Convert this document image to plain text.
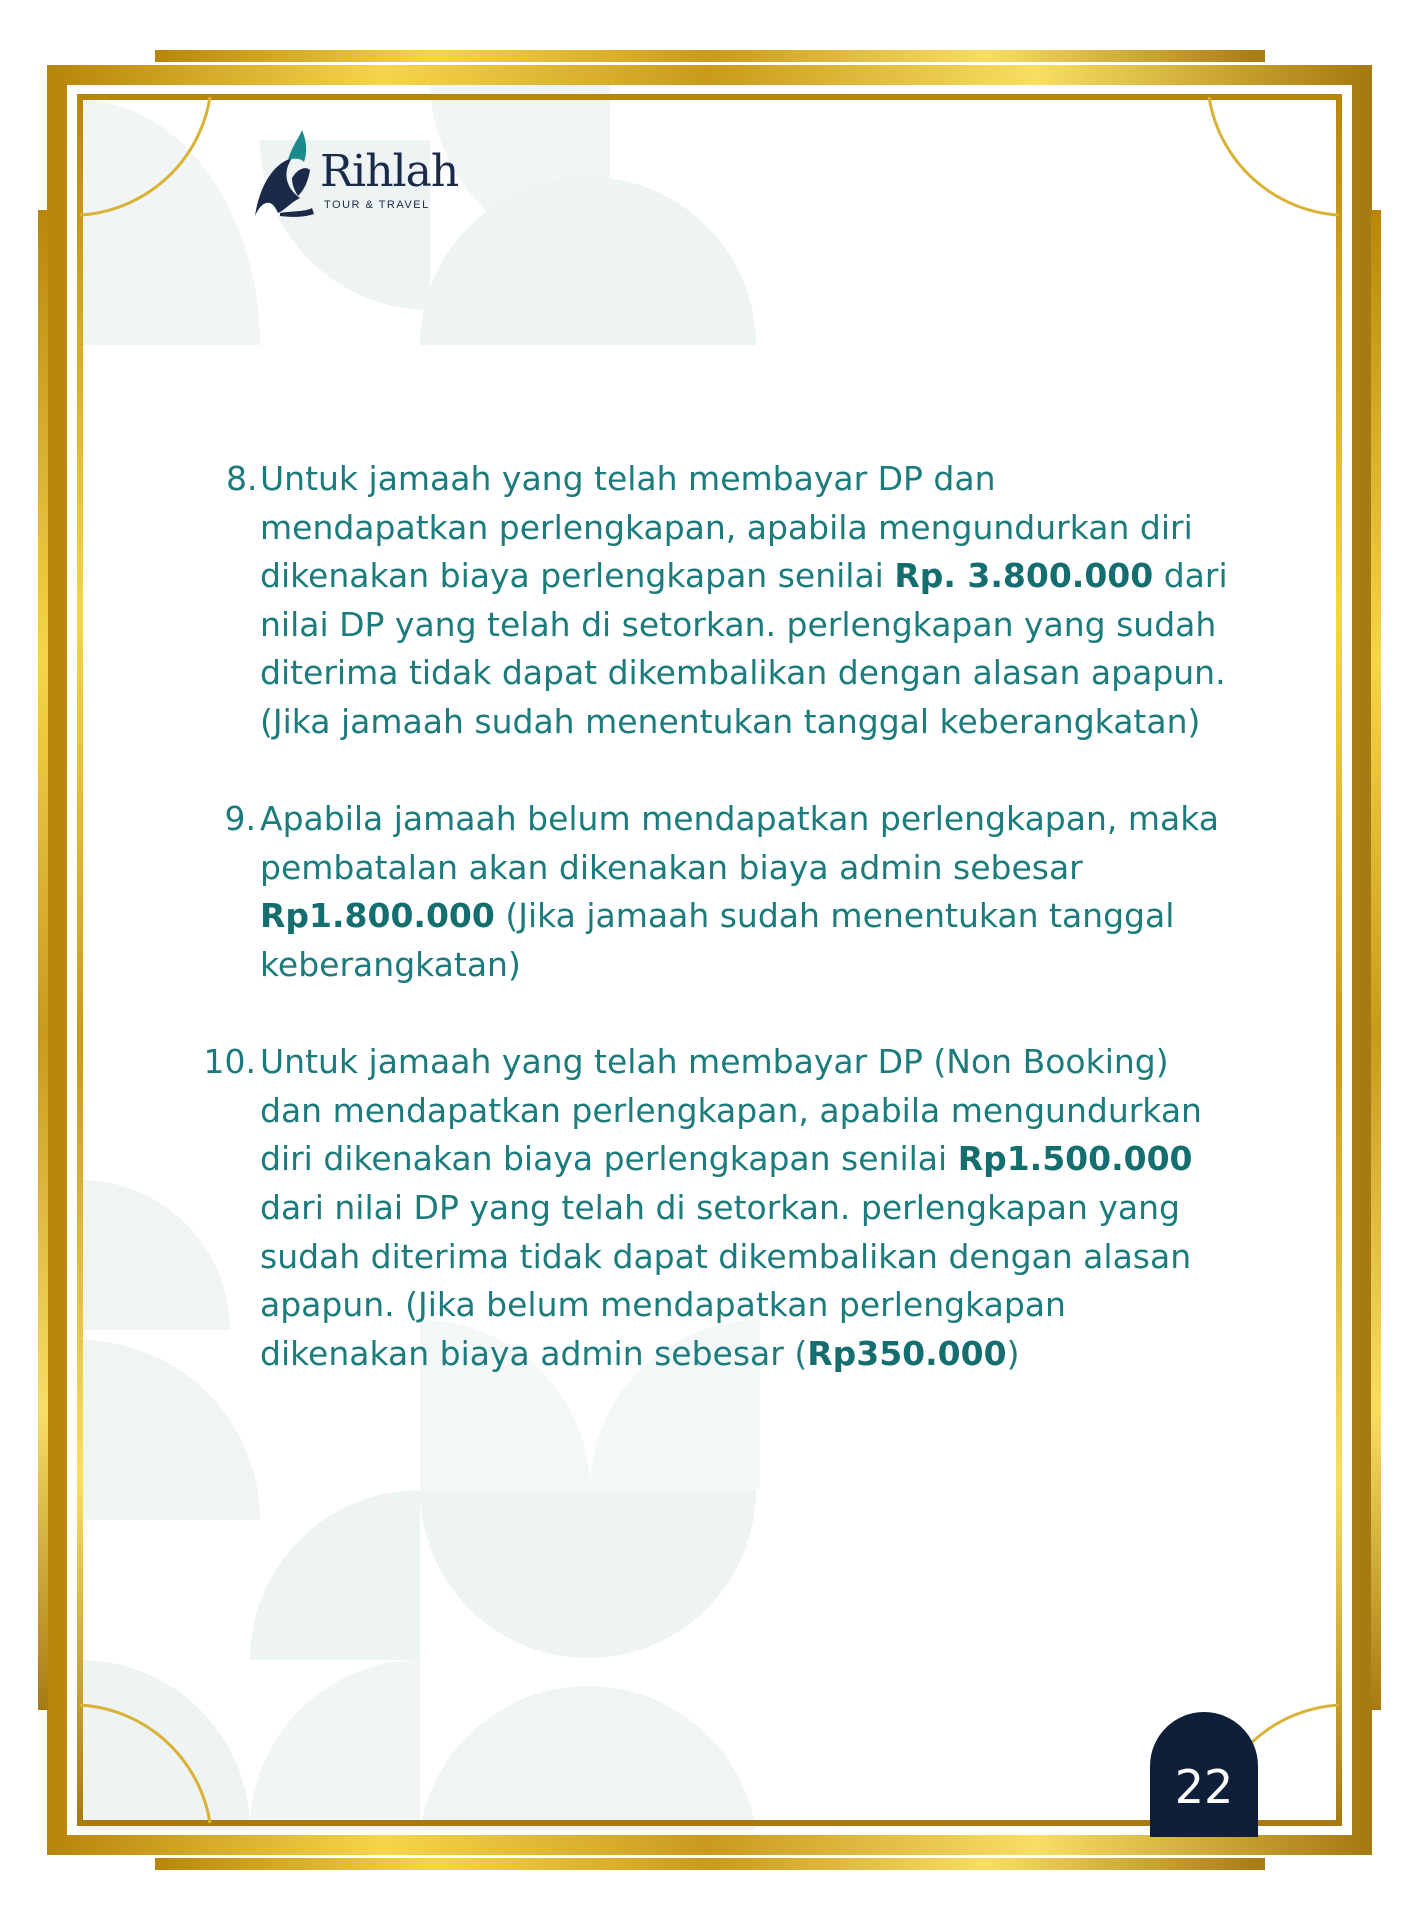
Rihlah
TOUR & TRAVEL
8. Untuk jamaah yang telah membayar DP dan mendapatkan perlengkapan, apabila mengundurkan diri dikenakan biaya perlengkapan senilai Rp. 3.800.000 dari nilai DP yang telah di setorkan. perlengkapan yang sudah diterima tidak dapat dikembalikan dengan alasan apapun. (Jika jamaah sudah menentukan tanggal keberangkatan)
9. Apabila jamaah belum mendapatkan perlengkapan, maka pembatalan akan dikenakan biaya admin sebesar Rp1.800.000 (Jika jamaah sudah menentukan tanggal keberangkatan)
10. Untuk jamaah yang telah membayar DP (Non Booking) dan mendapatkan perlengkapan, apabila mengundurkan diri dikenakan biaya perlengkapan senilai Rp1.500.000 dari nilai DP yang telah di setorkan. perlengkapan yang sudah diterima tidak dapat dikembalikan dengan alasan apapun. (Jika belum mendapatkan perlengkapan dikenakan biaya admin sebesar (Rp350.000)
22
